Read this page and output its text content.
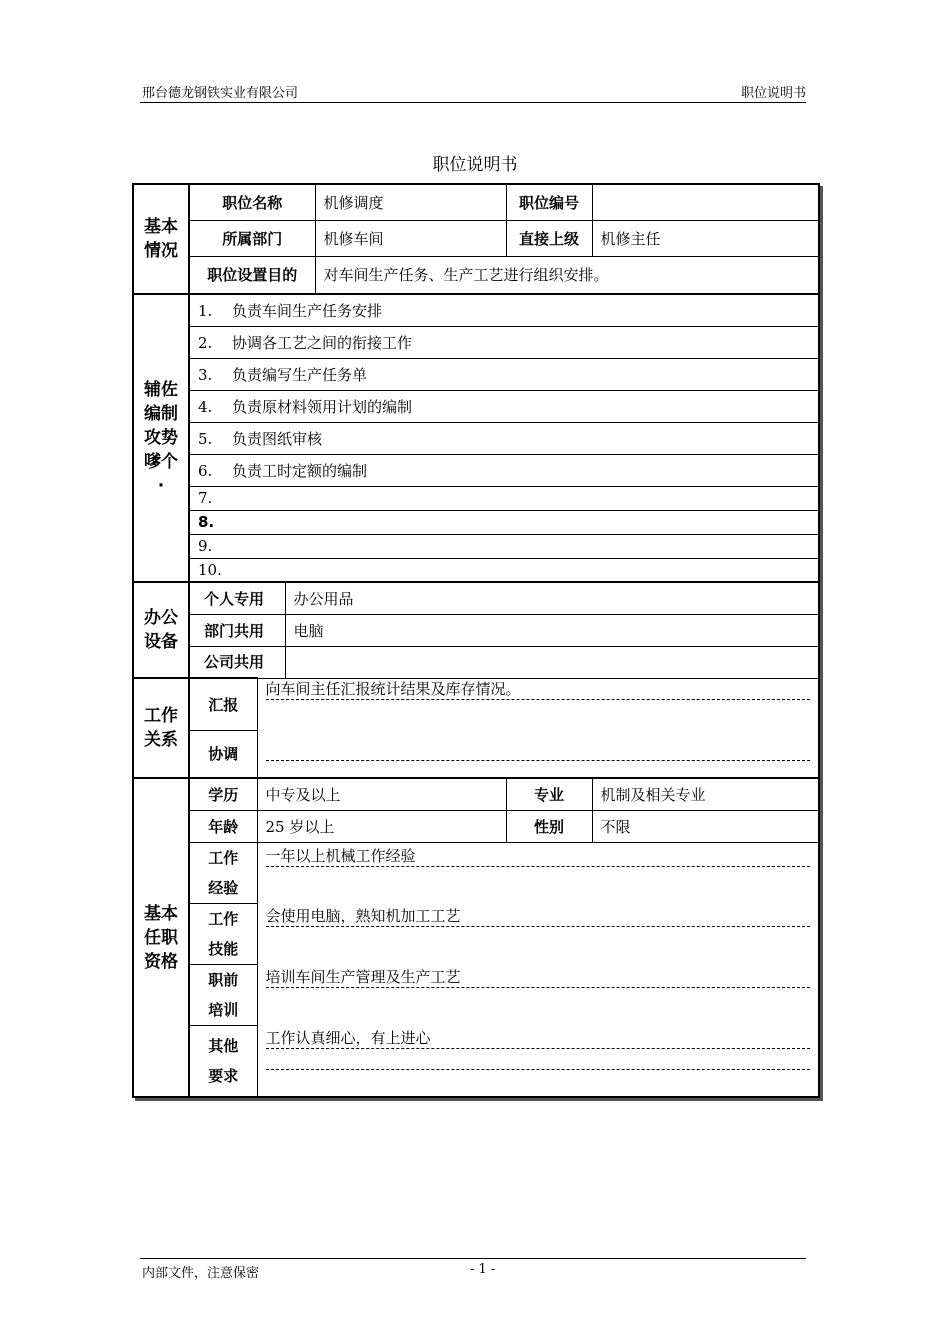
邢台德龙钢铁实业有限公司	职位说明书
职位说明书
基本情况	职位名称			机修调度	职位编号	
	所属部门			机修车间	直接上级	机修主任
	职位设置目的			对车间生产任务、生产工艺进行组织安排。		

辅佐编制攻势嗲个·	1. 负责车间生产任务安排					
	2. 协调各工艺之间的衔接工作					
	3. 负责编写生产任务单					
	4. 负责原材料领用计划的编制					
	5. 负责图纸审核					
	6. 负责工时定额的编制					
	7.					
	8.					
	9.					
	10.					

办公设备	个人专用		办公用品			
	部门共用		电脑			
	公司共用					

工作关系	汇报	向车间主任汇报统计结果及库存情况。				

	协调					

基本任职资格	学历	中专及以上			专业	机制及相关专业
	年龄	25 岁以上			性别	不限

	工作经验	一年以上机械工作经验				

	工作技能	会使用电脑，熟知机加工工艺				

	职前培训	培训车间生产管理及生产工艺				

	其他要求	工作认真细心，有上进心				
内部文件，注意保密	- 1 -
